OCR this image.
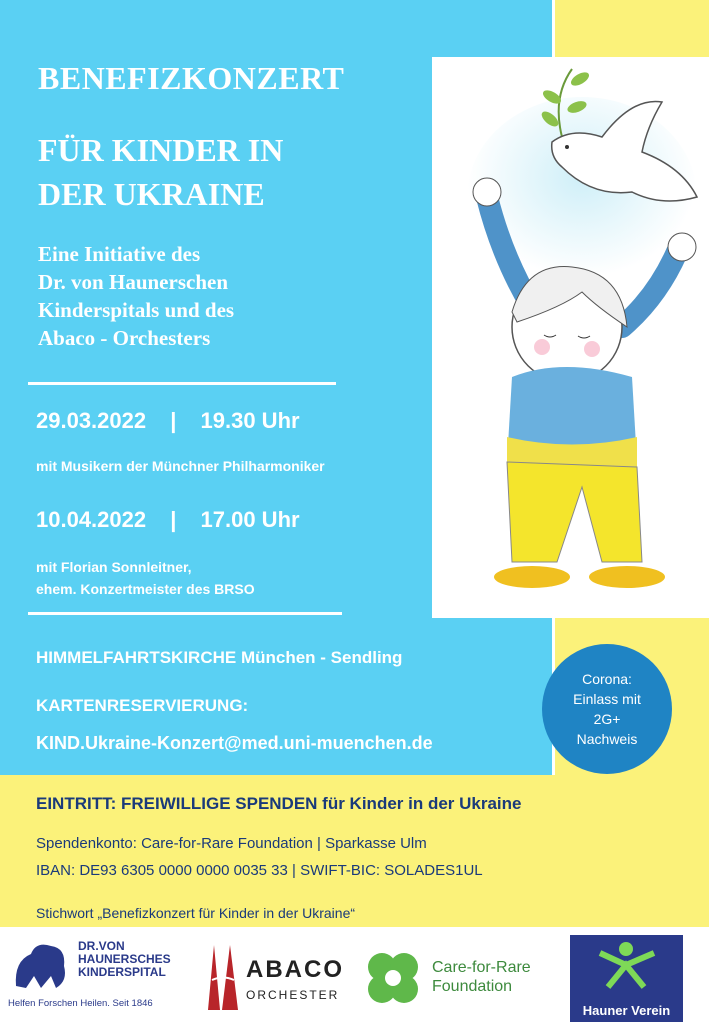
BENEFIZKONZERT
FÜR KINDER IN
DER UKRAINE
Eine Initiative des
Dr. von Haunerschen
Kinderspitals und des
Abaco - Orchesters
29.03.2022 | 19.30 Uhr
mit Musikern der Münchner Philharmoniker
10.04.2022 | 17.00 Uhr
mit Florian Sonnleitner,
ehem. Konzertmeister des BRSO
HIMMELFAHRTSKIRCHE München - Sendling
KARTENRESERVIERUNG:
KIND.Ukraine-Konzert@med.uni-muenchen.de
Corona:
Einlass mit
2G+
Nachweis
EINTRITT: FREIWILLIGE SPENDEN für Kinder in der Ukraine
Spendenkonto: Care-for-Rare Foundation | Sparkasse Ulm
IBAN: DE93 6305 0000 0000 0035 33 | SWIFT-BIC: SOLADES1UL
Stichwort „Benefizkonzert für Kinder in der Ukraine“
DR.VON
HAUNERSCHES
KINDERSPITAL
Helfen Forschen Heilen. Seit 1846
ABACO
ORCHESTER
Care-for-Rare
Foundation
Hauner Verein
